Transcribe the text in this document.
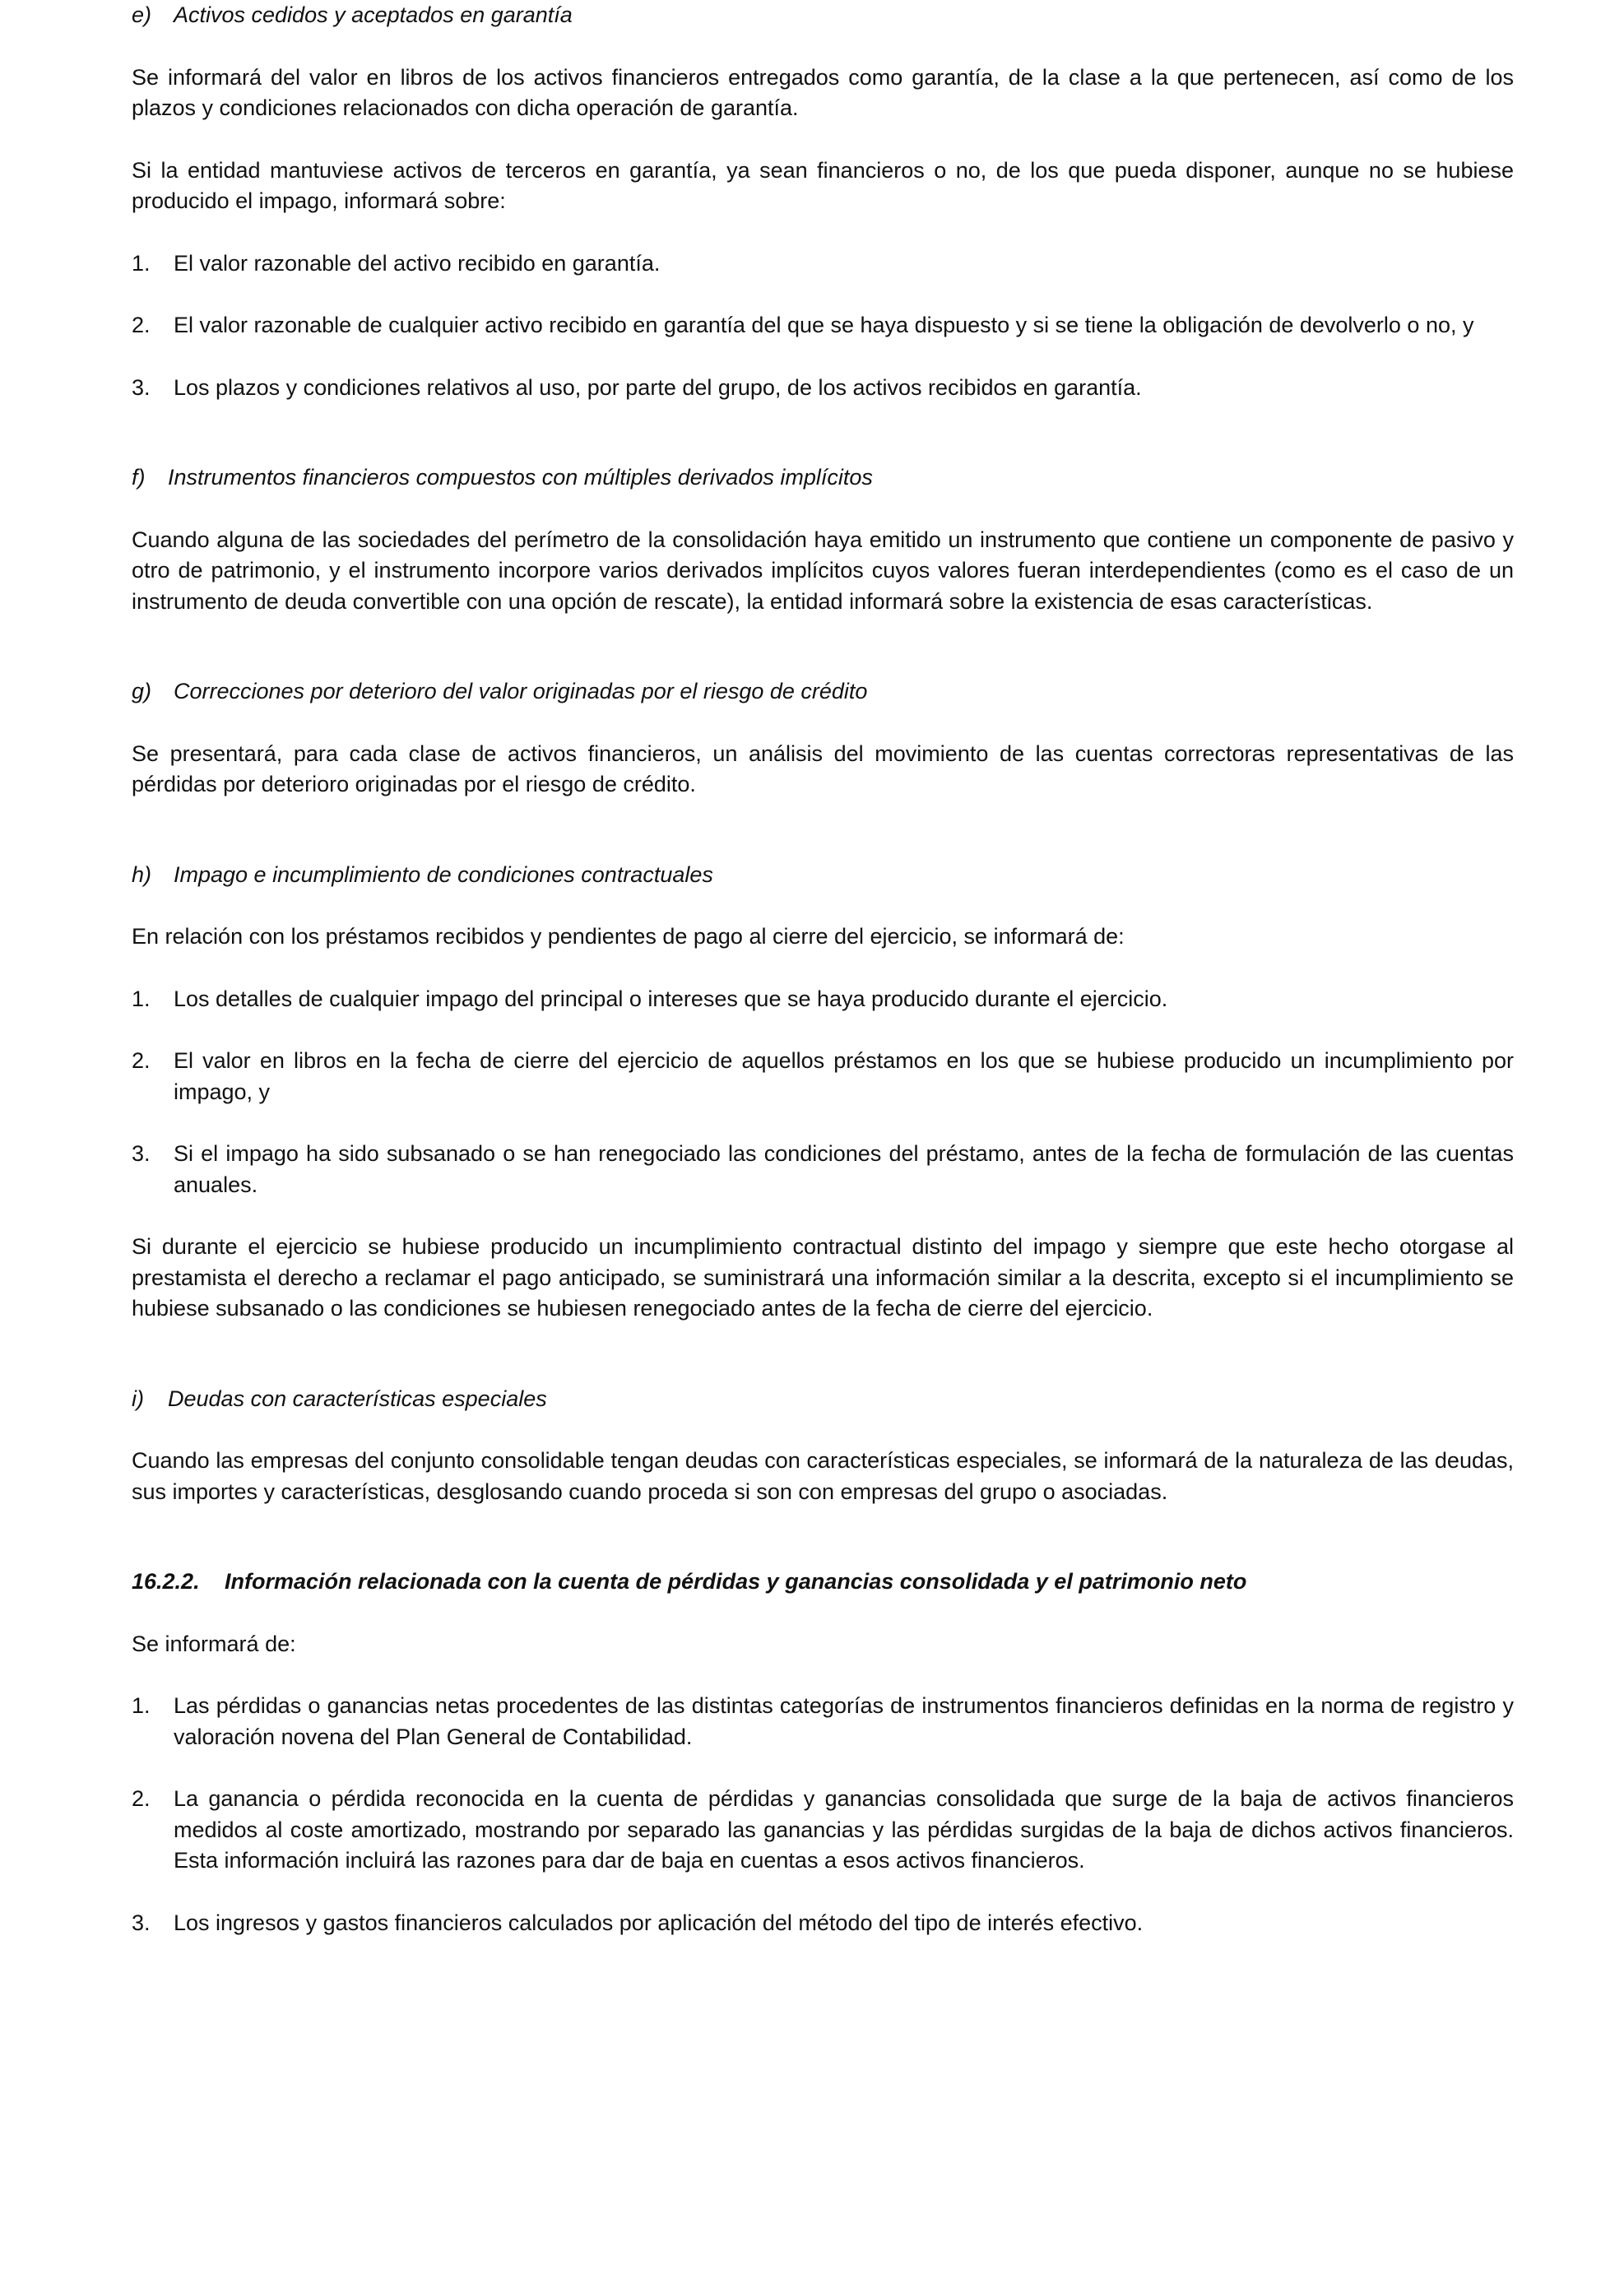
e) Activos cedidos y aceptados en garantía

Se informará del valor en libros de los activos financieros entregados como garantía, de la clase a la que pertenecen, así como de los plazos y condiciones relacionados con dicha operación de garantía.

Si la entidad mantuviese activos de terceros en garantía, ya sean financieros o no, de los que pueda disponer, aunque no se hubiese producido el impago, informará sobre:

1.	El valor razonable del activo recibido en garantía.
2.	El valor razonable de cualquier activo recibido en garantía del que se haya dispuesto y si se tiene la obligación de devolverlo o no, y
3.	Los plazos y condiciones relativos al uso, por parte del grupo, de los activos recibidos en garantía.
f)	Instrumentos financieros compuestos con múltiples derivados implícitos

Cuando alguna de las sociedades del perímetro de la consolidación haya emitido un instrumento que contiene un componente de pasivo y otro de patrimonio, y el instrumento incorpore varios derivados implícitos cuyos valores fueran interdependientes (como es el caso de un instrumento de deuda convertible con una opción de rescate), la entidad informará sobre la existencia de esas características.

g) Correcciones por deterioro del valor originadas por el riesgo de crédito

Se presentará, para cada clase de activos financieros, un análisis del movimiento de las cuentas correctoras representativas de las pérdidas por deterioro originadas por el riesgo de crédito.

h) Impago e incumplimiento de condiciones contractuales

En relación con los préstamos recibidos y pendientes de pago al cierre del ejercicio, se informará de:

1.	Los detalles de cualquier impago del principal o intereses que se haya producido durante el ejercicio.
2.	El valor en libros en la fecha de cierre del ejercicio de aquellos préstamos en los que se hubiese producido un incumplimiento por impago, y
3.	Si el impago ha sido subsanado o se han renegociado las condiciones del préstamo, antes de la fecha de formulación de las cuentas anuales.

Si durante el ejercicio se hubiese producido un incumplimiento contractual distinto del impago y siempre que este hecho otorgase al prestamista el derecho a reclamar el pago anticipado, se suministrará una información similar a la descrita, excepto si el incumplimiento se hubiese subsanado o las condiciones se hubiesen renegociado antes de la fecha de cierre del ejercicio.

i)	Deudas con características especiales

Cuando las empresas del conjunto consolidable tengan deudas con características especiales, se informará de la naturaleza de las deudas, sus importes y características, desglosando cuando proceda si son con empresas del grupo o asociadas.

16.2.2.	Información relacionada con la cuenta de pérdidas y ganancias consolidada y el patrimonio neto

Se informará de:

1.	Las pérdidas o ganancias netas procedentes de las distintas categorías de instrumentos financieros definidas en la norma de registro y valoración novena del Plan General de Contabilidad.
2.	La ganancia o pérdida reconocida en la cuenta de pérdidas y ganancias consolidada que surge de la baja de activos financieros medidos al coste amortizado, mostrando por separado las ganancias y las pérdidas surgidas de la baja de dichos activos financieros. Esta información incluirá las razones para dar de baja en cuentas a esos activos financieros.
3.	Los ingresos y gastos financieros calculados por aplicación del método del tipo de interés efectivo.
